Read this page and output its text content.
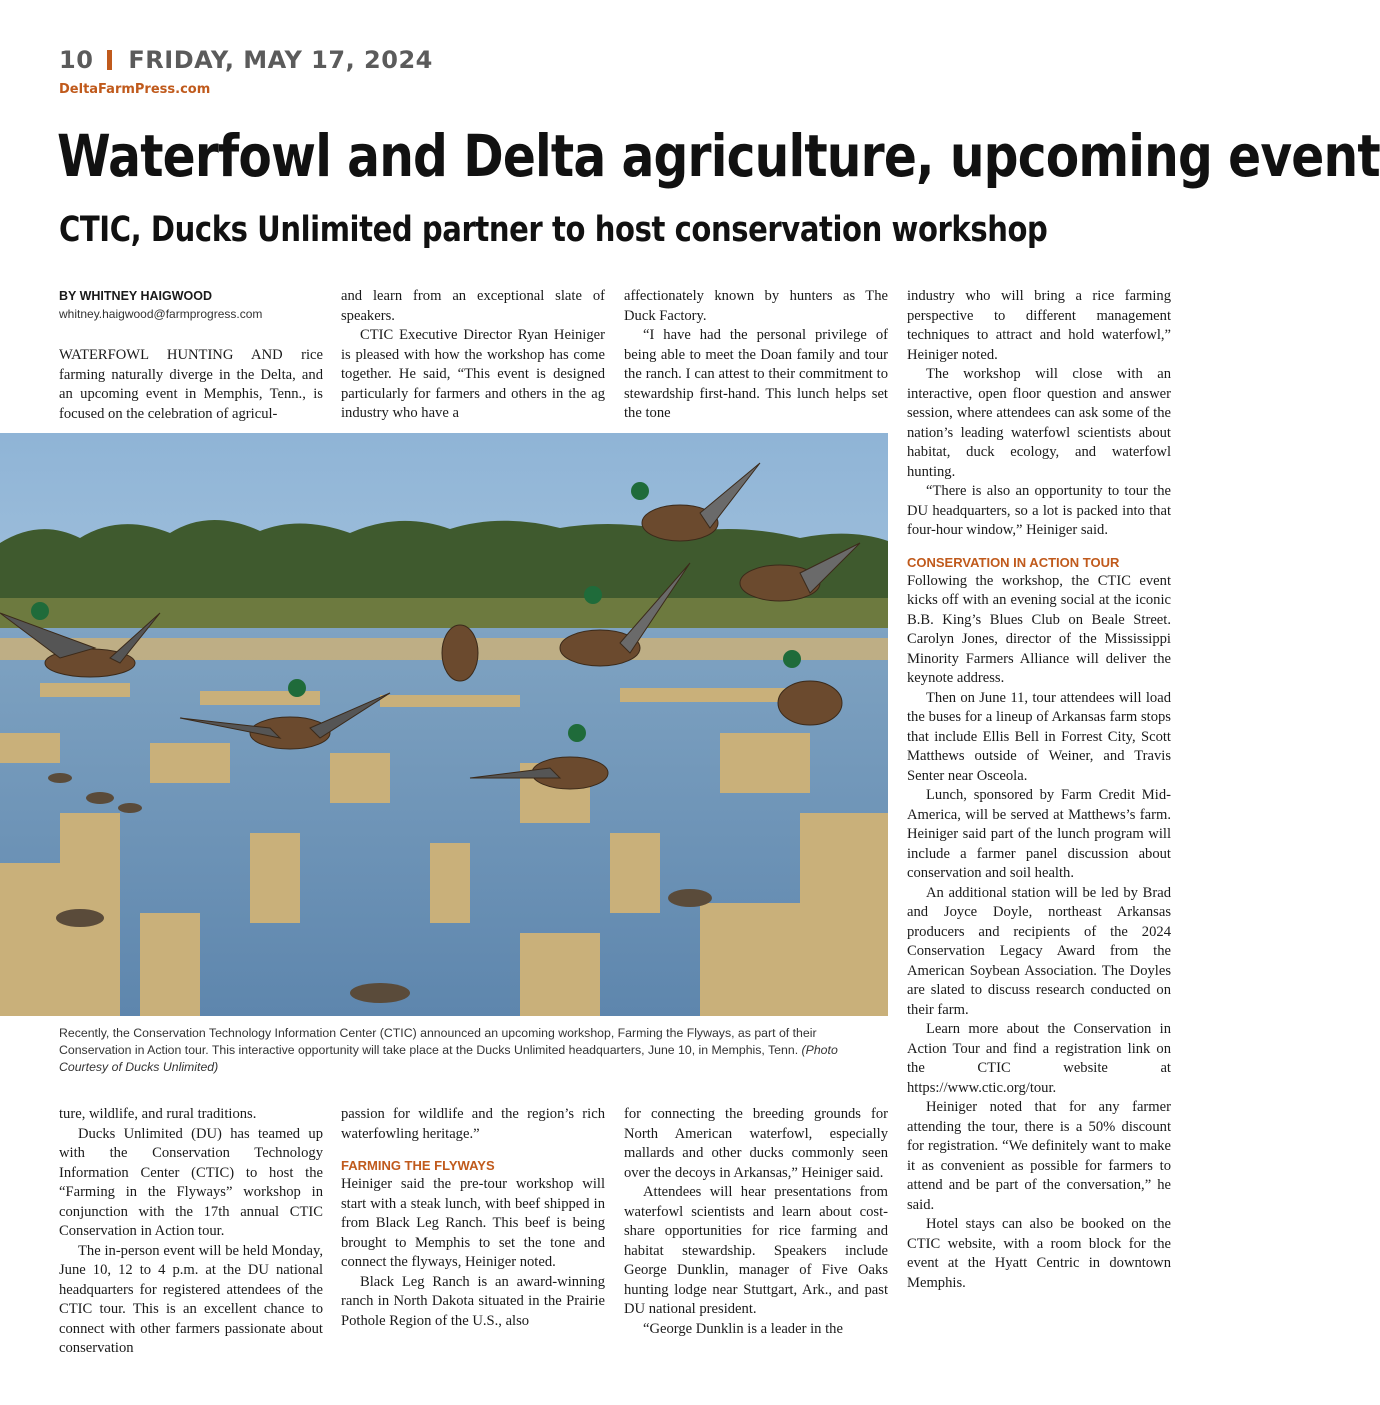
10 FRIDAY, MAY 17, 2024
DeltaFarmPress.com
Waterfowl and Delta agriculture, upcoming event
CTIC, Ducks Unlimited partner to host conservation workshop
BY WHITNEY HAIGWOOD
whitney.haigwood@farmprogress.com

WATERFOWL HUNTING AND rice farming naturally diverge in the Delta, and an upcoming event in Memphis, Tenn., is focused on the celebration of agricul-

and learn from an exceptional slate of speakers.

CTIC Executive Director Ryan Heiniger is pleased with how the workshop has come together. He said, “This event is designed particularly for farmers and others in the ag industry who have a

affectionately known by hunters as The Duck Factory.

“I have had the personal privilege of being able to meet the Doan family and tour the ranch. I can attest to their commitment to stewardship first-hand. This lunch helps set the tone

industry who will bring a rice farming perspective to different management techniques to attract and hold waterfowl,” Heiniger noted.

The workshop will close with an interactive, open floor question and answer session, where attendees can ask some of the nation’s leading waterfowl scientists about habitat, duck ecology, and waterfowl hunting.

“There is also an opportunity to tour the DU headquarters, so a lot is packed into that four-hour window,” Heiniger said.

CONSERVATION IN ACTION TOUR

Following the workshop, the CTIC event kicks off with an evening social at the iconic B.B. King’s Blues Club on Beale Street. Carolyn Jones, director of the Mississippi Minority Farmers Alliance will deliver the keynote address.

Then on June 11, tour attendees will load the buses for a lineup of Arkansas farm stops that include Ellis Bell in Forrest City, Scott Matthews outside of Weiner, and Travis Senter near Osceola.

Lunch, sponsored by Farm Credit Mid-America, will be served at Matthews’s farm. Heiniger said part of the lunch program will include a farmer panel discussion about conservation and soil health.

An additional station will be led by Brad and Joyce Doyle, northeast Arkansas producers and recipients of the 2024 Conservation Legacy Award from the American Soybean Association. The Doyles are slated to discuss research conducted on their farm.

Learn more about the Conservation in Action Tour and find a registration link on the CTIC website at https://www.ctic.org/tour.

Heiniger noted that for any farmer attending the tour, there is a 50% discount for registration. “We definitely want to make it as convenient as possible for farmers to attend and be part of the conversation,” he said.

Hotel stays can also be booked on the CTIC website, with a room block for the event at the Hyatt Centric in downtown Memphis.

Recently, the Conservation Technology Information Center (CTIC) announced an upcoming workshop, Farming the Flyways, as part of their Conservation in Action tour. This interactive opportunity will take place at the Ducks Unlimited headquarters, June 10, in Memphis, Tenn. (Photo Courtesy of Ducks Unlimited)

ture, wildlife, and rural traditions.

Ducks Unlimited (DU) has teamed up with the Conservation Technology Information Center (CTIC) to host the “Farming in the Flyways” workshop in conjunction with the 17th annual CTIC Conservation in Action tour.

The in-person event will be held Monday, June 10, 12 to 4 p.m. at the DU national headquarters for registered attendees of the CTIC tour. This is an excellent chance to connect with other farmers passionate about conservation

passion for wildlife and the region’s rich waterfowling heritage.”

FARMING THE FLYWAYS

Heiniger said the pre-tour workshop will start with a steak lunch, with beef shipped in from Black Leg Ranch. This beef is being brought to Memphis to set the tone and connect the flyways, Heiniger noted.

Black Leg Ranch is an award-winning ranch in North Dakota situated in the Prairie Pothole Region of the U.S., also

for connecting the breeding grounds for North American waterfowl, especially mallards and other ducks commonly seen over the decoys in Arkansas,” Heiniger said.

Attendees will hear presentations from waterfowl scientists and learn about cost-share opportunities for rice farming and habitat stewardship. Speakers include George Dunklin, manager of Five Oaks hunting lodge near Stuttgart, Ark., and past DU national president.

“George Dunklin is a leader in the
